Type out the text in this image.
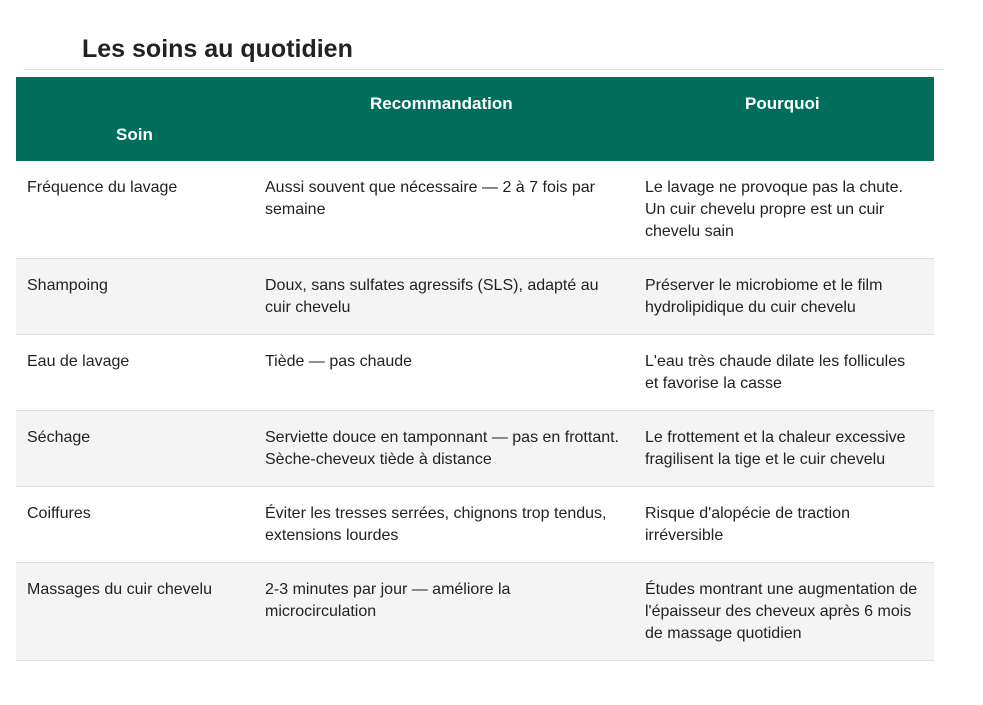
Les soins au quotidien
Soin	Recommandation	Pourquoi

Fréquence du lavage	Aussi souvent que nécessaire — 2 à 7 fois par semaine	Le lavage ne provoque pas la chute. Un cuir chevelu propre est un cuir chevelu sain
Shampoing	Doux, sans sulfates agressifs (SLS), adapté au cuir chevelu	Préserver le microbiome et le film hydrolipidique du cuir chevelu
Eau de lavage	Tiède — pas chaude	L'eau très chaude dilate les follicules et favorise la casse
Séchage	Serviette douce en tamponnant — pas en frottant. Sèche-cheveux tiède à distance	Le frottement et la chaleur excessive fragilisent la tige et le cuir chevelu
Coiffures	Éviter les tresses serrées, chignons trop tendus, extensions lourdes	Risque d'alopécie de traction irréversible
Massages du cuir chevelu	2-3 minutes par jour — améliore la microcirculation	Études montrant une augmentation de l'épaisseur des cheveux après 6 mois de massage quotidien
